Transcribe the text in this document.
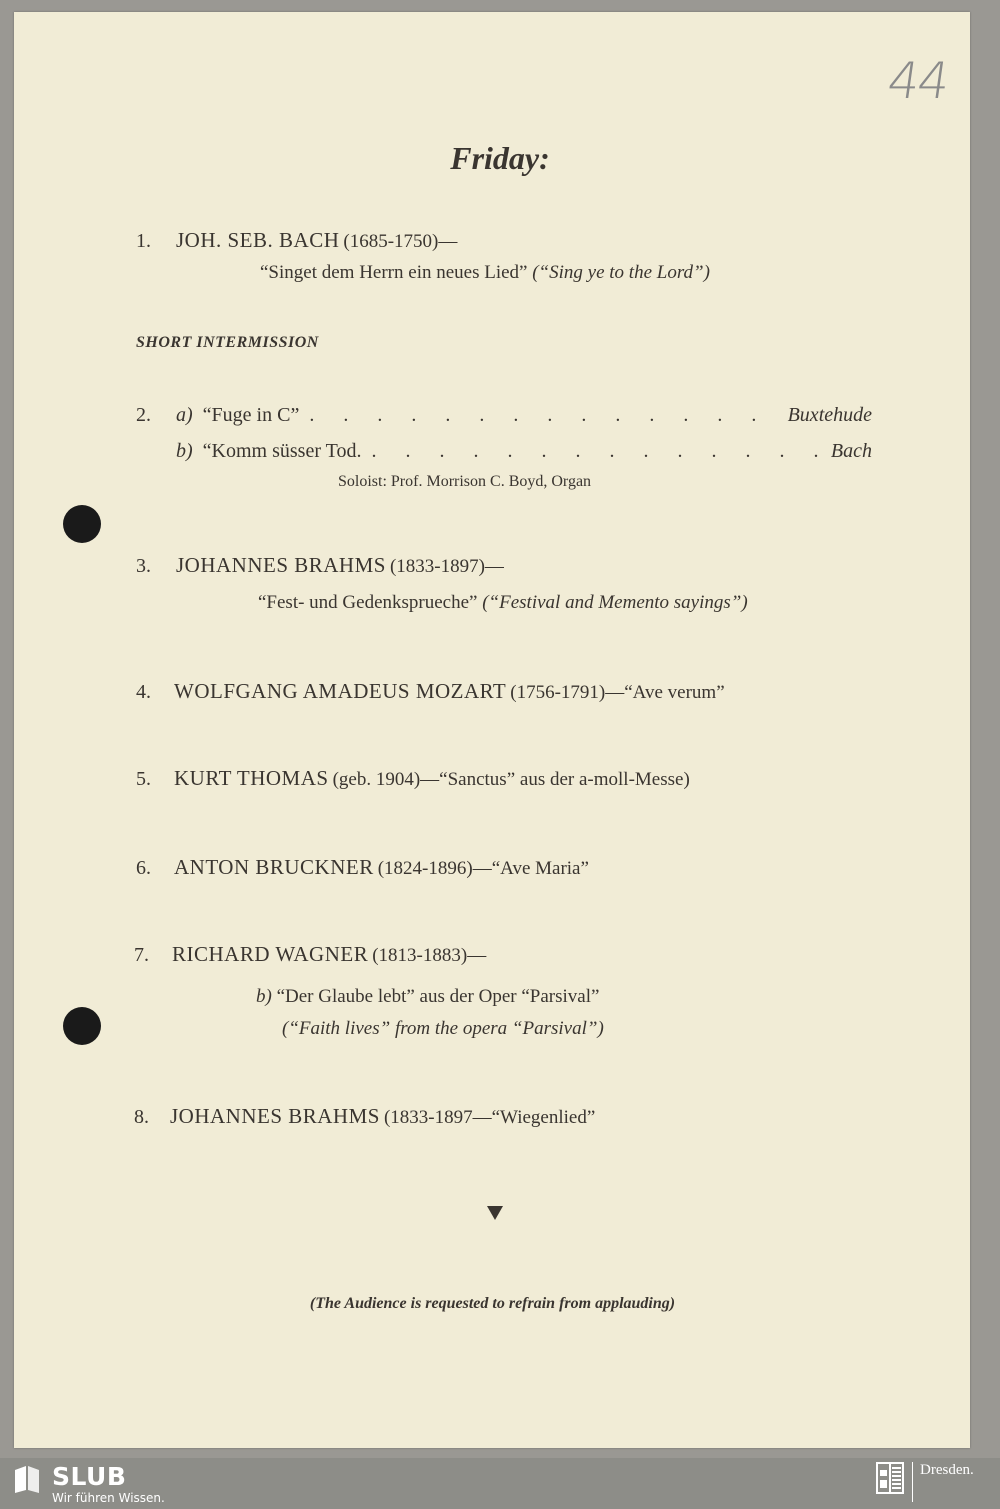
44
Friday:
1. JOH. SEB. BACH (1685-1750)—
“Singet dem Herrn ein neues Lied” (“Sing ye to the Lord”)
SHORT INTERMISSION
2. a) “Fuge in C” . . .	Buxtehude
b) “Komm süsser Tod. . . .	Bach
Soloist: Prof. Morrison C. Boyd, Organ
3. JOHANNES BRAHMS (1833-1897)—
“Fest- und Gedenksprueche” (“Festival and Memento sayings”)
4. WOLFGANG AMADEUS MOZART (1756-1791)—“Ave verum”
5. KURT THOMAS (geb. 1904)—“Sanctus” aus der a-moll-Messe)
6. ANTON BRUCKNER (1824-1896)—“Ave Maria”
7. RICHARD WAGNER (1813-1883)—
b) “Der Glaube lebt” aus der Oper “Parsival”
(“Faith lives” from the opera “Parsival”)
8. JOHANNES BRAHMS (1833-1897—“Wiegenlied”
(The Audience is requested to refrain from applauding)
SLUB
Wir führen Wissen.
Dresden.
